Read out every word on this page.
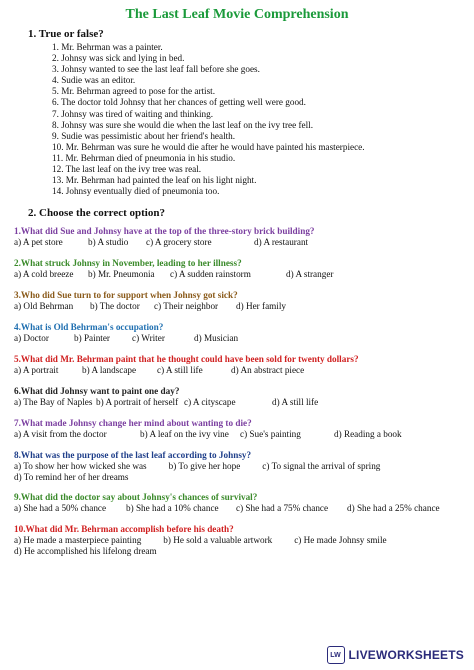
The Last Leaf Movie Comprehension
1. True or false?
1. Mr. Behrman was a painter.
2. Johnsy was sick and lying in bed.
3. Johnsy wanted to see the last leaf fall before she goes.
4. Sudie was an editor.
5. Mr. Behrman agreed to pose for the artist.
6. The doctor told Johnsy that her chances of getting well were good.
7. Johnsy was tired of waiting and thinking.
8. Johnsy was sure she would die when the last leaf on the ivy tree fell.
9. Sudie was pessimistic about her friend's health.
10. Mr. Behrman was sure he would die after he would have painted his masterpiece.
11. Mr. Behrman died of pneumonia in his studio.
12. The last leaf on the ivy tree was real.
13. Mr. Behrman had painted the leaf on his light night.
14. Johnsy eventually died of pneumonia too.
2. Choose the correct option?
1.What did Sue and Johnsy have at the top of the three-story brick building?
a) A pet store	b) A studio c) A grocery store	d) A restaurant
2.What struck Johnsy in November, leading to her illness?
a) A cold breeze b) Mr. Pneumonia c) A sudden rainstorm	d) A stranger
3.Who did Sue turn to for support when Johnsy got sick?
a) Old Behrman b) The doctor c) Their neighbor d) Her family
4.What is Old Behrman's occupation?
a) Doctor	b) Painter c) Writer	d) Musician
5.What did Mr. Behrman paint that he thought could have been sold for twenty dollars?
a) A portrait	b) A landscape c) A still life	d) An abstract piece
6.What did Johnsy want to paint one day?
a) The Bay of Naples b) A portrait of herself c) A cityscape	d) A still life
7.What made Johnsy change her mind about wanting to die?
a) A visit from the doctor	b) A leaf on the ivy vine c) Sue's painting	d) Reading a book
8.What was the purpose of the last leaf according to Johnsy?
a) To show her how wicked she was b) To give her hope c) To signal the arrival of springd) To remind her of her dreams
9.What did the doctor say about Johnsy's chances of survival?
a) She had a 50% chance b) She had a 10% chance c) She had a 75% chance d) She had a 25% chance
10.What did Mr. Behrman accomplish before his death?
a) He made a masterpiece painting b) He sold a valuable artwork c) He made Johnsy smiled) He accomplished his lifelong dream
LW LIVEWORKSHEETS
